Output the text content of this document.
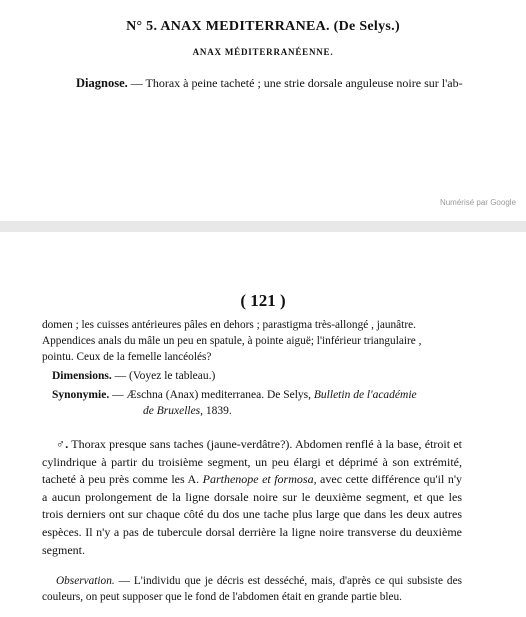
N° 5. ANAX MEDITERRANEA. (De Selys.)
ANAX MÉDITERRANÉENNE.
Diagnose. — Thorax à peine tacheté ; une strie dorsale anguleuse noire sur l'ab-
Numérisé par Google
( 121 )
domen ; les cuisses antérieures pâles en dehors ; parastigma très-allongé , jaunâtre.
Appendices anals du mâle un peu en spatule, à pointe aiguë; l'inférieur triangulaire ,
pointu. Ceux de la femelle lancéolés?
Dimensions. — (Voyez le tableau.)
Synonymie. — Æschna (Anax) mediterranea. De Selys, Bulletin de l'académie
de Bruxelles, 1839.
♂. Thorax presque sans taches (jaune-verdâtre?). Abdomen renflé à la base, étroit et cylindrique à partir du troisième segment, un peu élargi et déprimé à son extrémité, tacheté à peu près comme les A. Parthenope et formosa, avec cette différence qu'il n'y a aucun prolongement de la ligne dorsale noire sur le deuxième segment, et que les trois derniers ont sur chaque côté du dos une tache plus large que dans les deux autres espèces. Il n'y a pas de tubercule dorsal derrière la ligne noire transverse du deuxième segment.
Observation. — L'individu que je décris est desséché, mais, d'après ce qui subsiste des couleurs, on peut supposer que le fond de l'abdomen était en grande partie bleu.
